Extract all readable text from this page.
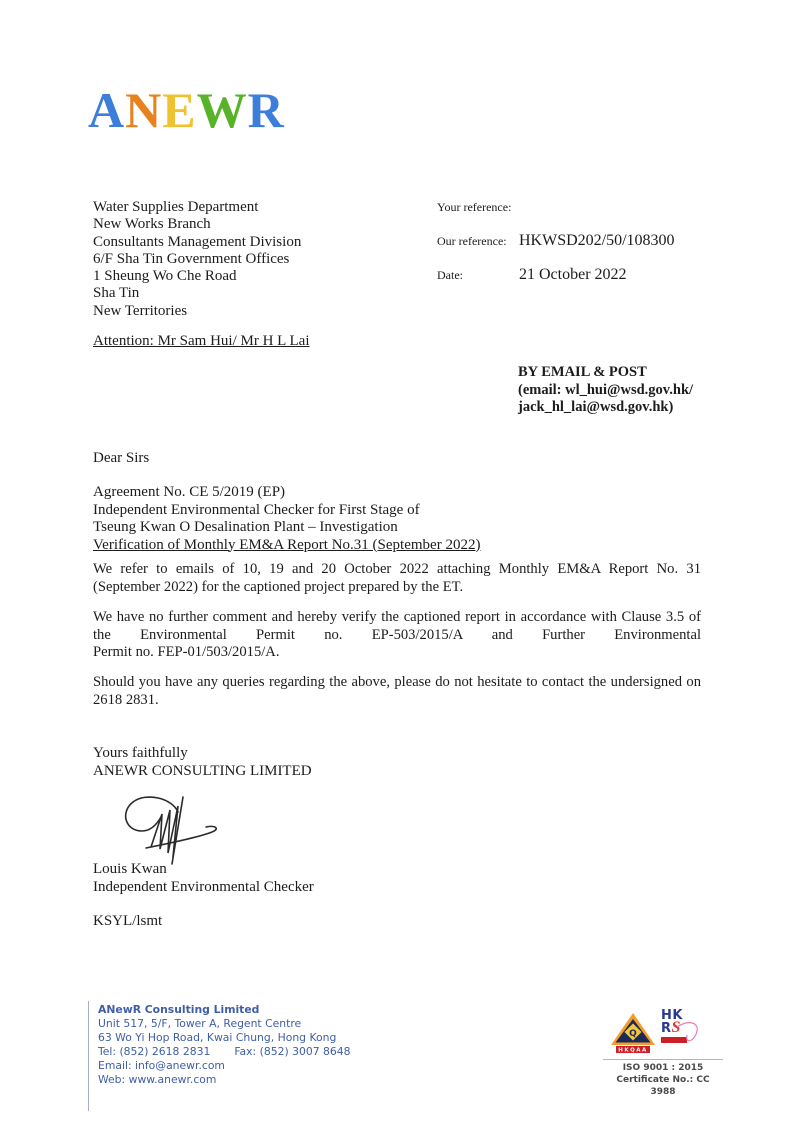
ANEWR
Water Supplies Department
New Works Branch
Consultants Management Division
6/F Sha Tin Government Offices
1 Sheung Wo Che Road
Sha Tin
New Territories
Your reference:
Our reference: HKWSD202/50/108300
Date:	21 October 2022
Attention: Mr Sam Hui/ Mr H L Lai
BY EMAIL & POST
(email: wl_hui@wsd.gov.hk/
jack_hl_lai@wsd.gov.hk)
Dear Sirs
Agreement No. CE 5/2019 (EP)
Independent Environmental Checker for First Stage of
Tseung Kwan O Desalination Plant – Investigation
Verification of Monthly EM&A Report No.31 (September 2022)
We refer to emails of 10, 19 and 20 October 2022 attaching Monthly EM&A Report No. 31
(September 2022) for the captioned project prepared by the ET.
We have no further comment and hereby verify the captioned report in accordance with Clause 3.5 of
the Environmental Permit no. EP-503/2015/A and Further Environmental
Permit no. FEP-01/503/2015/A.
Should you have any queries regarding the above, please do not hesitate to contact the undersigned on
2618 2831.
Yours faithfully
ANEWR CONSULTING LIMITED
Louis Kwan
Independent Environmental Checker
KSYL/lsmt
ANewR Consulting Limited
Unit 517, 5/F, Tower A, Regent Centre
63 Wo Yi Hop Road, Kwai Chung, Hong Kong
Tel: (852) 2618 2831 Fax: (852) 3007 8648
Email: info@anewr.com
Web: www.anewr.com
Q
HKQAA
HK
RS
ISO 9001 : 2015
Certificate No.: CC 3988
